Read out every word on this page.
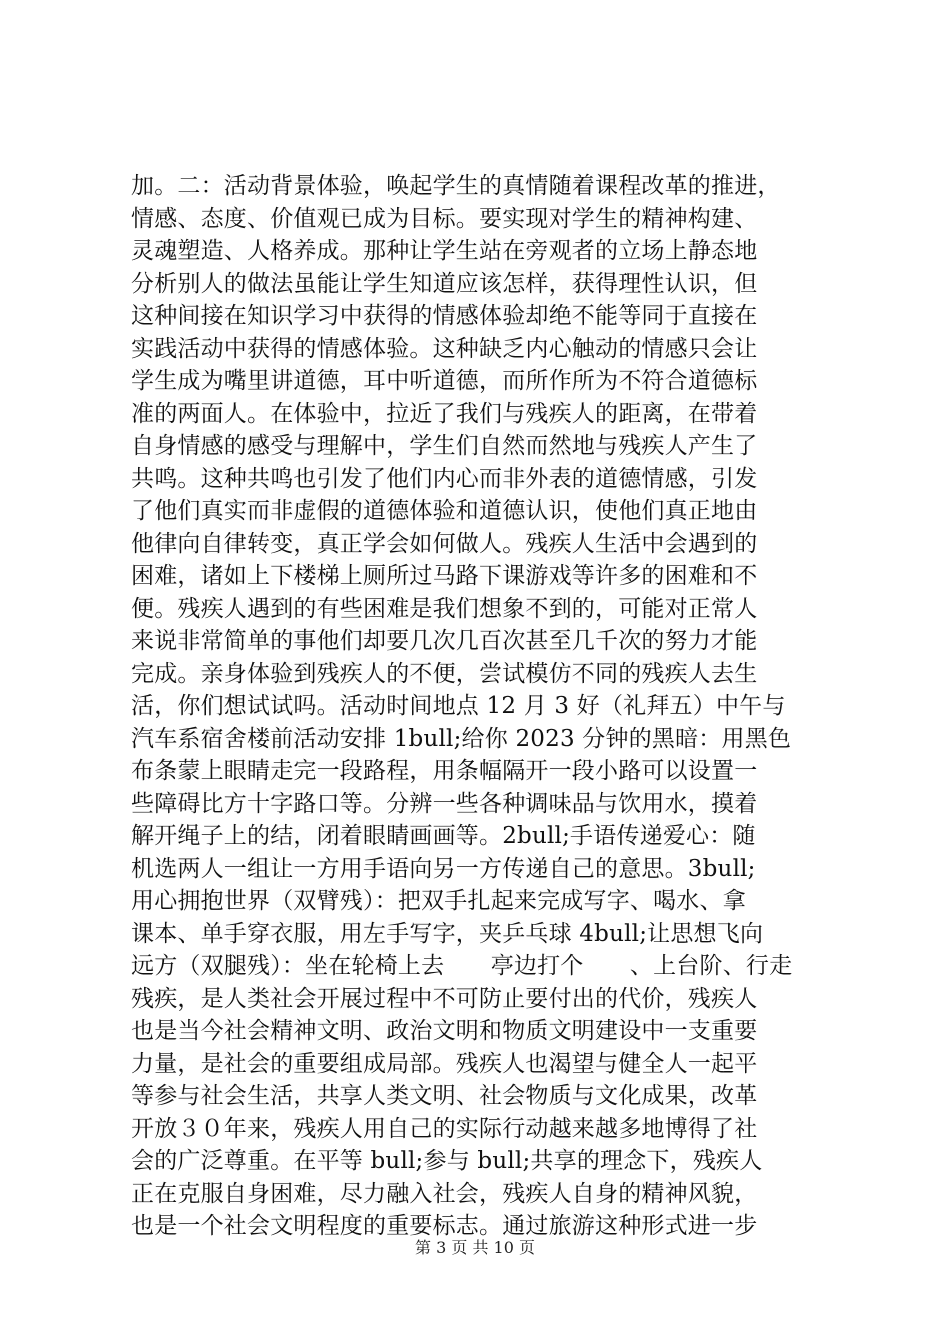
加。二：活动背景体验，唤起学生的真情随着课程改革的推进，
情感、态度、价值观已成为目标。要实现对学生的精神构建、
灵魂塑造、人格养成。那种让学生站在旁观者的立场上静态地
分析别人的做法虽能让学生知道应该怎样，获得理性认识，但
这种间接在知识学习中获得的情感体验却绝不能等同于直接在
实践活动中获得的情感体验。这种缺乏内心触动的情感只会让
学生成为嘴里讲道德，耳中听道德，而所作所为不符合道德标
准的两面人。在体验中，拉近了我们与残疾人的距离，在带着
自身情感的感受与理解中，学生们自然而然地与残疾人产生了
共鸣。这种共鸣也引发了他们内心而非外表的道德情感，引发
了他们真实而非虚假的道德体验和道德认识，使他们真正地由
他律向自律转变，真正学会如何做人。残疾人生活中会遇到的
困难，诸如上下楼梯上厕所过马路下课游戏等许多的困难和不
便。残疾人遇到的有些困难是我们想象不到的，可能对正常人
来说非常简单的事他们却要几次几百次甚至几千次的努力才能
完成。亲身体验到残疾人的不便，尝试模仿不同的残疾人去生
活，你们想试试吗。活动时间地点 12 月 3 好（礼拜五）中午与
汽车系宿舍楼前活动安排 1bull;给你 2023 分钟的黑暗：用黑色
布条蒙上眼睛走完一段路程，用条幅隔开一段小路可以设置一
些障碍比方十字路口等。分辨一些各种调味品与饮用水，摸着
解开绳子上的结，闭着眼睛画画等。2bull;手语传递爱心：随
机选两人一组让一方用手语向另一方传递自己的意思。3bull;
用心拥抱世界（双臂残）：把双手扎起来完成写字、喝水、拿
课本、单手穿衣服，用左手写字，夹乒乓球 4bull;让思想飞向
远方（双腿残）：坐在轮椅上去　　亭边打个　　、上台阶、行走
残疾，是人类社会开展过程中不可防止要付出的代价，残疾人
也是当今社会精神文明、政治文明和物质文明建设中一支重要
力量，是社会的重要组成局部。残疾人也渴望与健全人一起平
等参与社会生活，共享人类文明、社会物质与文化成果，改革
开放３０年来，残疾人用自己的实际行动越来越多地博得了社
会的广泛尊重。在平等 bull;参与 bull;共享的理念下，残疾人
正在克服自身困难，尽力融入社会，残疾人自身的精神风貌，
也是一个社会文明程度的重要标志。通过旅游这种形式进一步
第 3 页 共 10 页
